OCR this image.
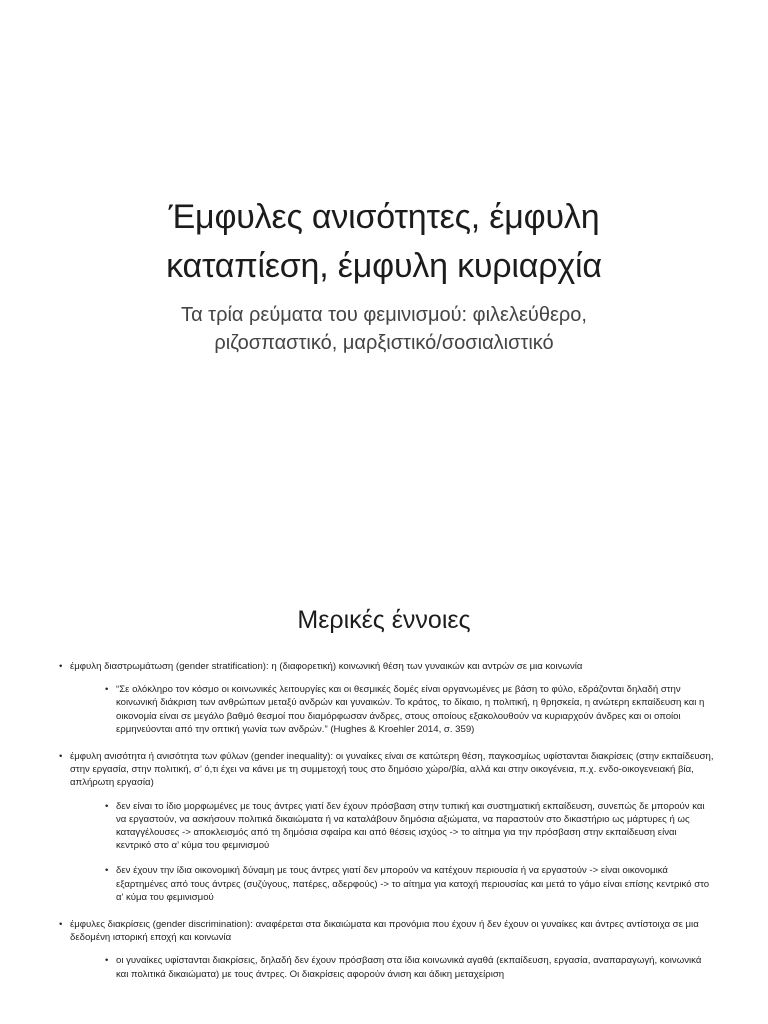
Έμφυλες ανισότητες, έμφυλη
καταπίεση, έμφυλη κυριαρχία

Τα τρία ρεύματα του φεμινισμού: φιλελεύθερο,
ριζοσπαστικό, μαρξιστικό/σοσιαλιστικό

Μερικές έννοιες
• έμφυλη διαστρωμάτωση (gender stratification): η (διαφορετική) κοινωνική θέση των γυναικών και αντρών σε μια κοινωνία
• “Σε ολόκληρο τον κόσμο οι κοινωνικές λειτουργίες και οι θεσμικές δομές είναι οργανωμένες με βάση το φύλο, εδράζονται δηλαδή στην κοινωνική διάκριση των ανθρώπων μεταξύ ανδρών και γυναικών. Το κράτος, το δίκαιο, η πολιτική, η θρησκεία, η ανώτερη εκπαίδευση και η οικονομία είναι σε μεγάλο βαθμό θεσμοί που διαμόρφωσαν άνδρες, στους οποίους εξακολουθούν να κυριαρχούν άνδρες και οι οποίοι ερμηνεύονται από την οπτική γωνία των ανδρών.” (Hughes & Kroehler 2014, σ. 359)
• έμφυλη ανισότητα ή ανισότητα των φύλων (gender inequality): οι γυναίκες είναι σε κατώτερη θέση, παγκοσμίως υφίστανται διακρίσεις (στην εκπαίδευση, στην εργασία, στην πολιτική, σ’ ό,τι έχει να κάνει με τη συμμετοχή τους στο δημόσιο χώρο/βία, αλλά και στην οικογένεια, π.χ. ενδο-οικογενειακή βία, απλήρωτη εργασία)
• δεν είναι το ίδιο μορφωμένες με τους άντρες γιατί δεν έχουν πρόσβαση στην τυπική και συστηματική εκπαίδευση, συνεπώς δε μπορούν και να εργαστούν, να ασκήσουν πολιτικά δικαιώματα ή να καταλάβουν δημόσια αξιώματα, να παραστούν στο δικαστήριο ως μάρτυρες ή ως καταγγέλουσες -> αποκλεισμός από τη δημόσια σφαίρα και από θέσεις ισχύος -> το αίτημα για την πρόσβαση στην εκπαίδευση είναι κεντρικό στο α’ κύμα του φεμινισμού
• δεν έχουν την ίδια οικονομική δύναμη με τους άντρες γιατί δεν μπορούν να κατέχουν περιουσία ή να εργαστούν -> είναι οικονομικά εξαρτημένες από τους άντρες (συζύγους, πατέρες, αδερφούς) -> το αίτημα για κατοχή περιουσίας και μετά το γάμο είναι επίσης κεντρικό στο α’ κύμα του φεμινισμού
• έμφυλες διακρίσεις (gender discrimination): αναφέρεται στα δικαιώματα και προνόμια που έχουν ή δεν έχουν οι γυναίκες και άντρες αντίστοιχα σε μια δεδομένη ιστορική εποχή και κοινωνία
• οι γυναίκες υφίστανται διακρίσεις, δηλαδή δεν έχουν πρόσβαση στα ίδια κοινωνικά αγαθά (εκπαίδευση, εργασία, αναπαραγωγή, κοινωνικά και πολιτικά δικαιώματα) με τους άντρες. Οι διακρίσεις αφορούν άνιση και άδικη μεταχείριση
